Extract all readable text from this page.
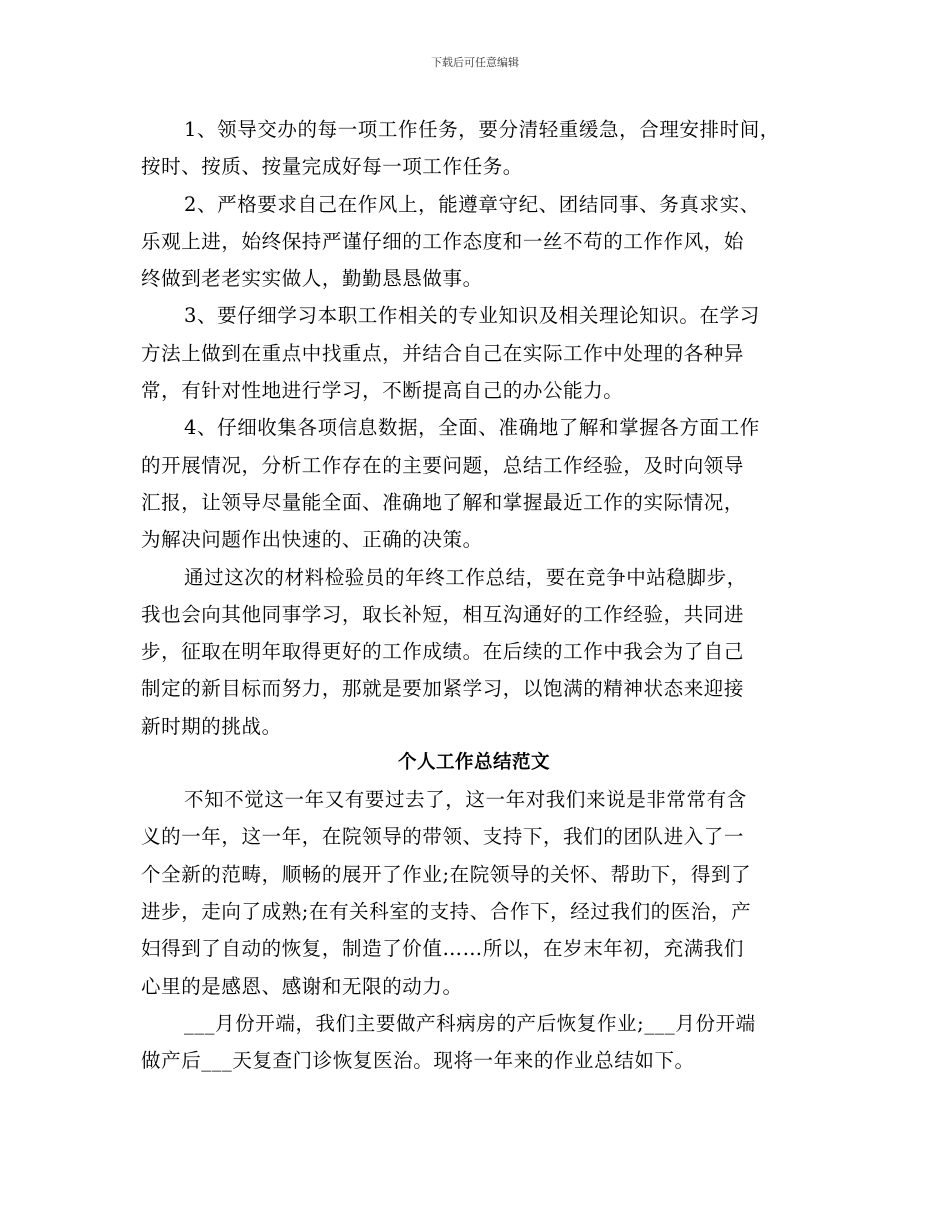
下载后可任意编辑
1、领导交办的每一项工作任务，要分清轻重缓急，合理安排时间，
按时、按质、按量完成好每一项工作任务。
2、严格要求自己在作风上，能遵章守纪、团结同事、务真求实、
乐观上进，始终保持严谨仔细的工作态度和一丝不苟的工作作风，始
终做到老老实实做人，勤勤恳恳做事。
3、要仔细学习本职工作相关的专业知识及相关理论知识。在学习
方法上做到在重点中找重点，并结合自己在实际工作中处理的各种异
常，有针对性地进行学习，不断提高自己的办公能力。
4、仔细收集各项信息数据，全面、准确地了解和掌握各方面工作
的开展情况，分析工作存在的主要问题，总结工作经验，及时向领导
汇报，让领导尽量能全面、准确地了解和掌握最近工作的实际情况，
为解决问题作出快速的、正确的决策。
通过这次的材料检验员的年终工作总结，要在竞争中站稳脚步，
我也会向其他同事学习，取长补短，相互沟通好的工作经验，共同进
步，征取在明年取得更好的工作成绩。在后续的工作中我会为了自己
制定的新目标而努力，那就是要加紧学习，以饱满的精神状态来迎接
新时期的挑战。
个人工作总结范文
不知不觉这一年又有要过去了，这一年对我们来说是非常常有含
义的一年，这一年，在院领导的带领、支持下，我们的团队进入了一
个全新的范畴，顺畅的展开了作业;在院领导的关怀、帮助下，得到了
进步，走向了成熟;在有关科室的支持、合作下，经过我们的医治，产
妇得到了自动的恢复，制造了价值……所以，在岁末年初，充满我们
心里的是感恩、感谢和无限的动力。
___月份开端，我们主要做产科病房的产后恢复作业;___月份开端
做产后___天复查门诊恢复医治。现将一年来的作业总结如下。
